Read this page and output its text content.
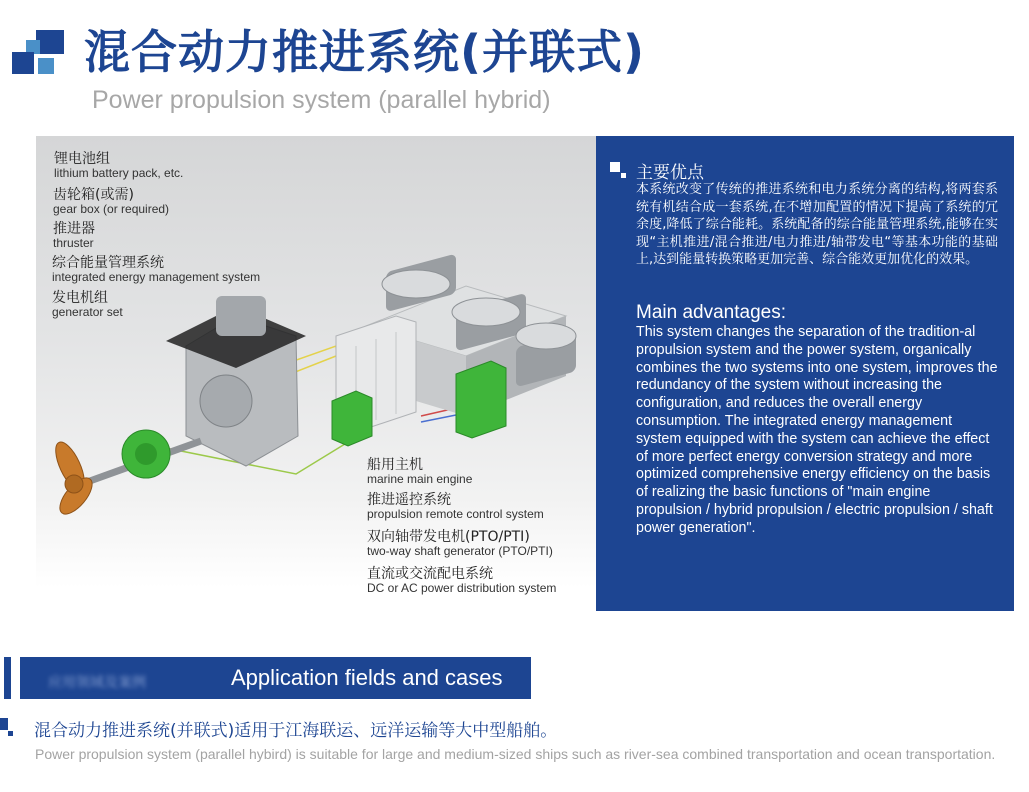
混合动力推进系统(并联式)
Power propulsion system (parallel hybrid)
锂电池组
lithium battery pack, etc.
齿轮箱(或需)
gear box (or required)
推进器
thruster
综合能量管理系统
integrated energy management system
发电机组
generator set
船用主机
marine main engine
推进遥控系统
propulsion remote control system
双向轴带发电机(PTO/PTI)
two-way shaft generator (PTO/PTI)
直流或交流配电系统
DC or AC power distribution system
主要优点
本系统改变了传统的推进系统和电力系统分离的结构,将两套系统有机结合成一套系统,在不增加配置的情况下提高了系统的冗余度,降低了综合能耗。系统配备的综合能量管理系统,能够在实现“主机推进/混合推进/电力推进/轴带发电“等基本功能的基础上,达到能量转换策略更加完善、综合能效更加优化的效果。
Main advantages:
This system changes the separation of the tradition-al propulsion system and the power system, organically combines the two systems into one system, improves the redundancy of the system without increasing the configuration, and reduces the overall energy consumption. The integrated energy management system equipped with the system can achieve the effect of more perfect energy conversion strategy and more optimized comprehensive energy efficiency on the basis of realizing the basic functions of "main engine propulsion / hybrid propulsion / electric propulsion / shaft power generation".
应用领域及案例	Application fields and cases
混合动力推进系统(并联式)适用于江海联运、远洋运输等大中型船舶。
Power propulsion system (parallel hybird) is suitable for large and medium-sized ships such as river-sea combined transportation and ocean transportation.
